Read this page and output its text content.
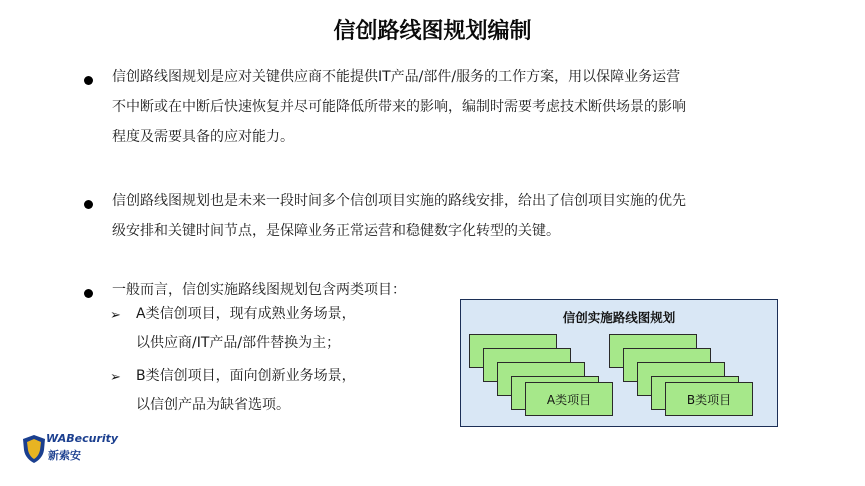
信创路线图规划编制
信创路线图规划是应对关键供应商不能提供IT产品/部件/服务的工作方案，用以保障业务运营
不中断或在中断后快速恢复并尽可能降低所带来的影响，编制时需要考虑技术断供场景的影响
程度及需要具备的应对能力。
信创路线图规划也是未来一段时间多个信创项目实施的路线安排，给出了信创项目实施的优先
级安排和关键时间节点，是保障业务正常运营和稳健数字化转型的关键。
一般而言，信创实施路线图规划包含两类项目：
➢ A类信创项目，现有成熟业务场景，
以供应商/IT产品/部件替换为主；
➢ B类信创项目，面向创新业务场景，
以信创产品为缺省选项。
信创实施路线图规划
A类项目	B类项目
WABecurity
新索安
